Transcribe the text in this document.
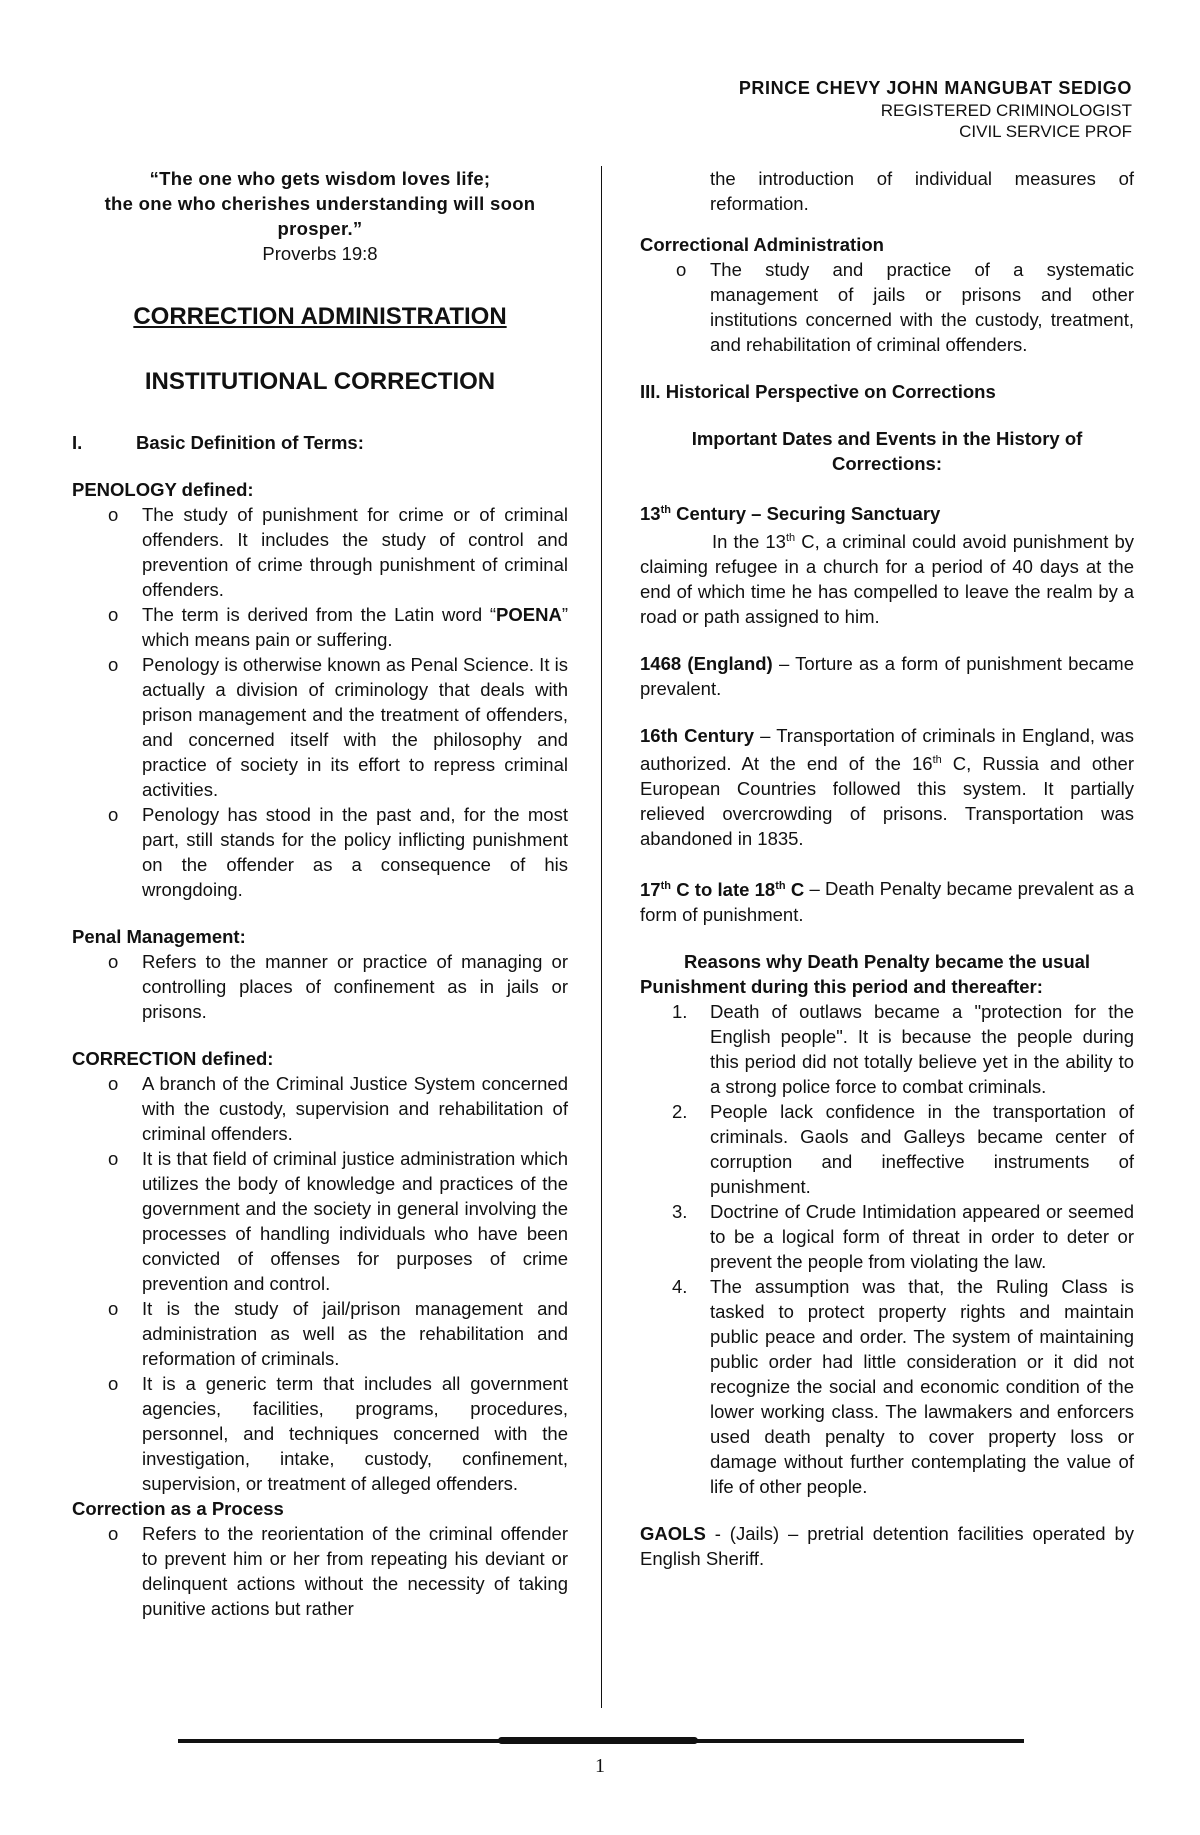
PRINCE CHEVY JOHN MANGUBAT SEDIGO
REGISTERED CRIMINOLOGIST
CIVIL SERVICE PROF

“The one who gets wisdom loves life;

the one who cherishes understanding will soon prosper.”

Proverbs 19:8

CORRECTION ADMINISTRATION

INSTITUTIONAL CORRECTION

I.	Basic Definition of Terms:

PENOLOGY defined:

o The study of punishment for crime or of criminal offenders. It includes the study of control and prevention of crime through punishment of criminal offenders.
o The term is derived from the Latin word “POENA” which means pain or suffering.
o Penology is otherwise known as Penal Science. It is actually a division of criminology that deals with prison management and the treatment of offenders, and concerned itself with the philosophy and practice of society in its effort to repress criminal activities.
o Penology has stood in the past and, for the most part, still stands for the policy inflicting punishment on the offender as a consequence of his wrongdoing.

Penal Management:

o Refers to the manner or practice of managing or controlling places of confinement as in jails or prisons.

CORRECTION defined:

o A branch of the Criminal Justice System concerned with the custody, supervision and rehabilitation of criminal offenders.
o It is that field of criminal justice administration which utilizes the body of knowledge and practices of the government and the society in general involving the processes of handling individuals who have been convicted of offenses for purposes of crime prevention and control.
o It is the study of jail/prison management and administration as well as the rehabilitation and reformation of criminals.
o It is a generic term that includes all government agencies, facilities, programs, procedures, personnel, and techniques concerned with the investigation, intake, custody, confinement, supervision, or treatment of alleged offenders.

Correction as a Process

o Refers to the reorientation of the criminal offender to prevent him or her from repeating his deviant or delinquent actions without the necessity of taking punitive actions but rather

the introduction of individual measures of reformation.

Correctional Administration

o The study and practice of a systematic management of jails or prisons and other institutions concerned with the custody, treatment, and rehabilitation of criminal offenders.

III. Historical Perspective on Corrections

Important Dates and Events in the History of Corrections:

13th Century – Securing Sanctuary

In the 13th C, a criminal could avoid punishment by claiming refugee in a church for a period of 40 days at the end of which time he has compelled to leave the realm by a road or path assigned to him.

1468 (England) – Torture as a form of punishment became prevalent.

16th Century – Transportation of criminals in England, was authorized. At the end of the 16th C, Russia and other European Countries followed this system. It partially relieved overcrowding of prisons. Transportation was abandoned in 1835.

17th C to late 18th C – Death Penalty became prevalent as a form of punishment.

Reasons why Death Penalty became the usual

Punishment during this period and thereafter:

1. Death of outlaws became a "protection for the English people". It is because the people during this period did not totally believe yet in the ability to a strong police force to combat criminals.
2. People lack confidence in the transportation of criminals. Gaols and Galleys became center of corruption and ineffective instruments of punishment.
3. Doctrine of Crude Intimidation appeared or seemed to be a logical form of threat in order to deter or prevent the people from violating the law.
4. The assumption was that, the Ruling Class is tasked to protect property rights and maintain public peace and order. The system of maintaining public order had little consideration or it did not recognize the social and economic condition of the lower working class. The lawmakers and enforcers used death penalty to cover property loss or damage without further contemplating the value of life of other people.

GAOLS - (Jails) – pretrial detention facilities operated by English Sheriff.

1
